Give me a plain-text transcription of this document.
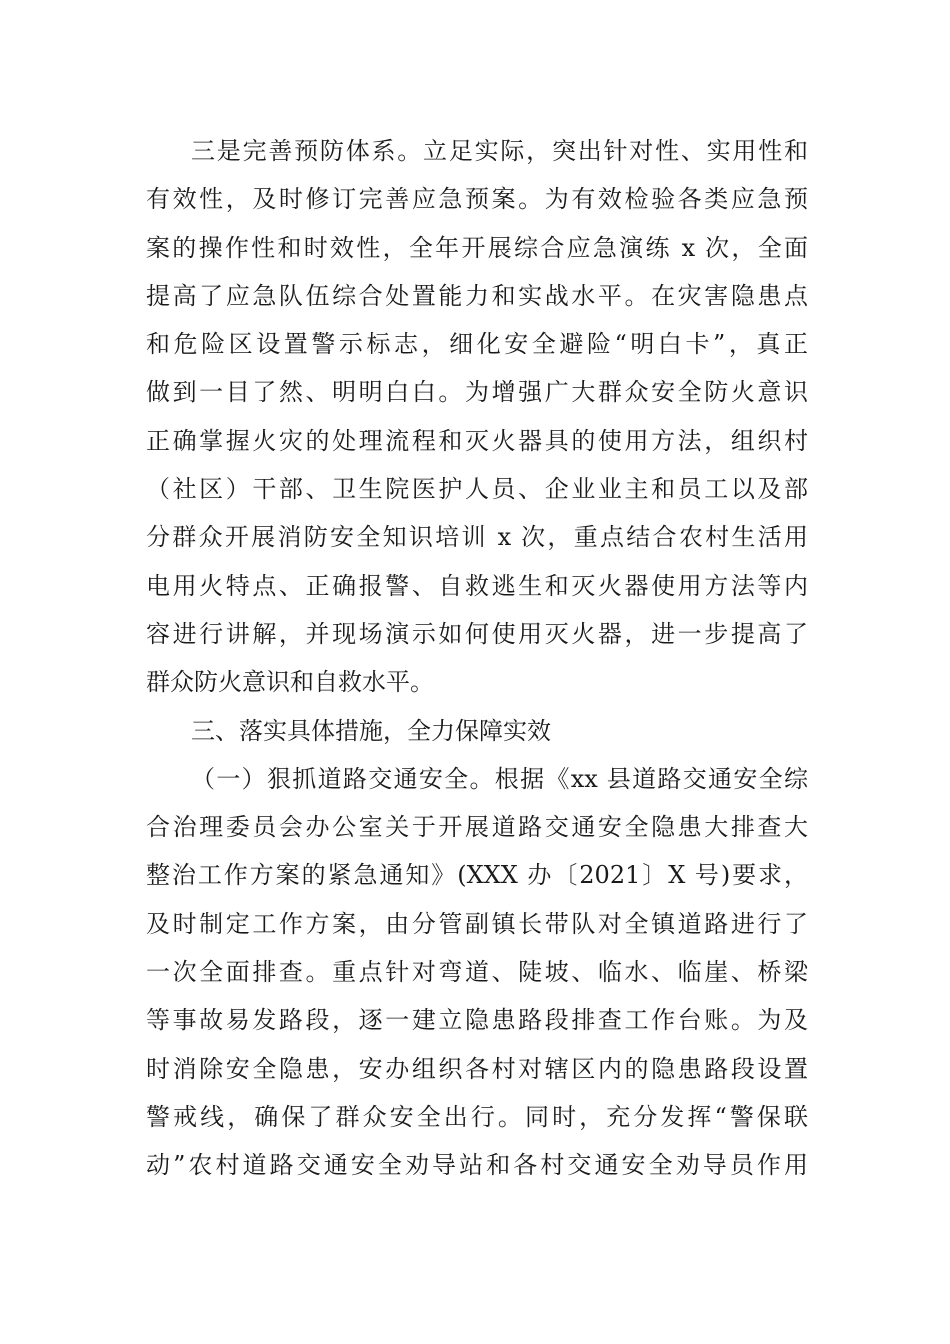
三是完善预防体系。立足实际，突出针对性、实用性和
有效性，及时修订完善应急预案。为有效检验各类应急预
案的操作性和时效性，全年开展综合应急演练 x 次，全面
提高了应急队伍综合处置能力和实战水平。在灾害隐患点
和危险区设置警示标志，细化安全避险“明白卡”，真正
做到一目了然、明明白白。为增强广大群众安全防火意识
正确掌握火灾的处理流程和灭火器具的使用方法，组织村
（社区）干部、卫生院医护人员、企业业主和员工以及部
分群众开展消防安全知识培训 x 次，重点结合农村生活用
电用火特点、正确报警、自救逃生和灭火器使用方法等内
容进行讲解，并现场演示如何使用灭火器，进一步提高了
群众防火意识和自救水平。
三、落实具体措施，全力保障实效
（一）狠抓道路交通安全。根据《xx 县道路交通安全综
合治理委员会办公室关于开展道路交通安全隐患大排查大
整治工作方案的紧急通知》(XXX 办〔2021〕X 号)要求，
及时制定工作方案，由分管副镇长带队对全镇道路进行了
一次全面排查。重点针对弯道、陡坡、临水、临崖、桥梁
等事故易发路段，逐一建立隐患路段排查工作台账。为及
时消除安全隐患，安办组织各村对辖区内的隐患路段设置
警戒线，确保了群众安全出行。同时，充分发挥“警保联
动”农村道路交通安全劝导站和各村交通安全劝导员作用
